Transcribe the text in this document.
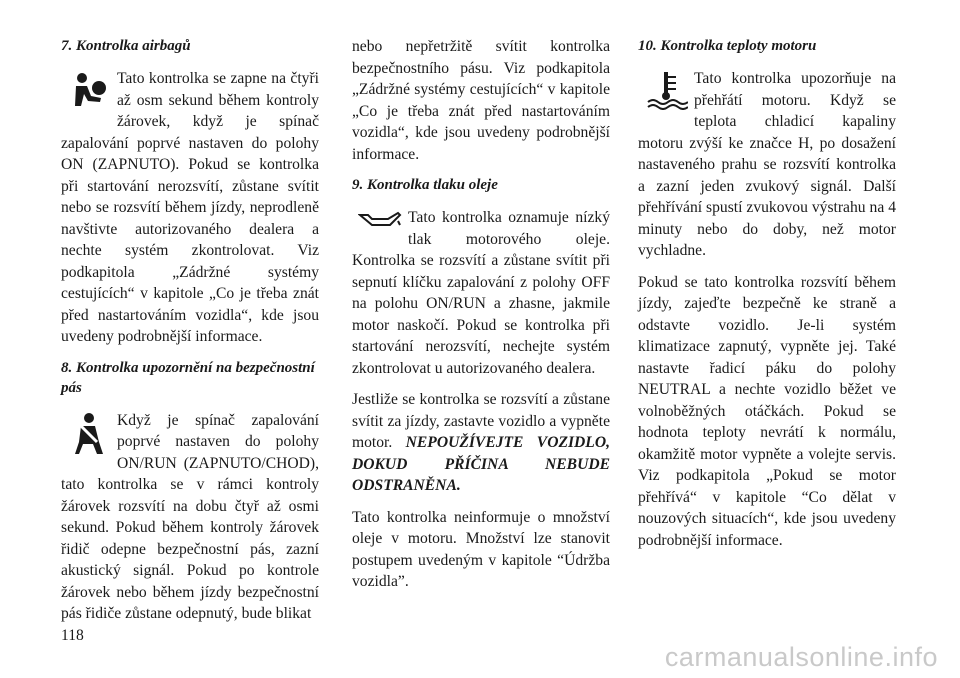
7. Kontrolka airbagů

Tato kontrolka se zapne na čtyři až osm sekund během kontroly žárovek, když je spínač zapalování poprvé nastaven do polohy ON (ZAPNUTO). Pokud se kontrolka při startování nerozsvítí, zůstane svítit nebo se rozsvítí během jízdy, neprodleně navštivte autorizovaného dealera a nechte systém zkontrolovat. Viz podkapitola „Zádržné systémy cestujících“ v kapitole „Co je třeba znát před nastartováním vozidla“, kde jsou uvedeny podrobnější informace.

8. Kontrolka upozornění na bezpečnostní pás

Když je spínač zapalování poprvé nastaven do polohy ON/RUN (ZAPNUTO/CHOD), tato kontrolka se v rámci kontroly žárovek rozsvítí na dobu čtyř až osmi sekund. Pokud během kontroly žárovek řidič odepne bezpečnostní pás, zazní akustický signál. Pokud po kontrole žárovek nebo během jízdy bezpečnostní pás řidiče zůstane odepnutý, bude blikat

nebo nepřetržitě svítit kontrolka bezpečnostního pásu. Viz podkapitola „Zádržné systémy cestujících“ v kapitole „Co je třeba znát před nastartováním vozidla“, kde jsou uvedeny podrobnější informace.

9. Kontrolka tlaku oleje

Tato kontrolka oznamuje nízký tlak motorového oleje. Kontrolka se rozsvítí a zůstane svítit při sepnutí klíčku zapalování z polohy OFF na polohu ON/RUN a zhasne, jakmile motor naskočí. Pokud se kontrolka při startování nerozsvítí, nechejte systém zkontrolovat u autorizovaného dealera.

Jestliže se kontrolka se rozsvítí a zůstane svítit za jízdy, zastavte vozidlo a vypněte motor. NEPOUŽÍVEJTE VOZIDLO, DOKUD PŘÍČINA NEBUDE ODSTRANĚNA.

Tato kontrolka neinformuje o množství oleje v motoru. Množství lze stanovit postupem uvedeným v kapitole “Údržba vozidla”.

10. Kontrolka teploty motoru

Tato kontrolka upozorňuje na přehřátí motoru. Když se teplota chladicí kapaliny motoru zvýší ke značce H, po dosažení nastaveného prahu se rozsvítí kontrolka a zazní jeden zvukový signál. Další přehřívání spustí zvukovou výstrahu na 4 minuty nebo do doby, než motor vychladne.

Pokud se tato kontrolka rozsvítí během jízdy, zajeďte bezpečně ke straně a odstavte vozidlo. Je-li systém klimatizace zapnutý, vypněte jej. Také nastavte řadicí páku do polohy NEUTRAL a nechte vozidlo běžet ve volnoběžných otáčkách. Pokud se hodnota teploty nevrátí k normálu, okamžitě motor vypněte a volejte servis. Viz podkapitola „Pokud se motor přehřívá“ v kapitole “Co dělat v nouzových situacích“, kde jsou uvedeny podrobnější informace.

118
carmanualsonline.info
